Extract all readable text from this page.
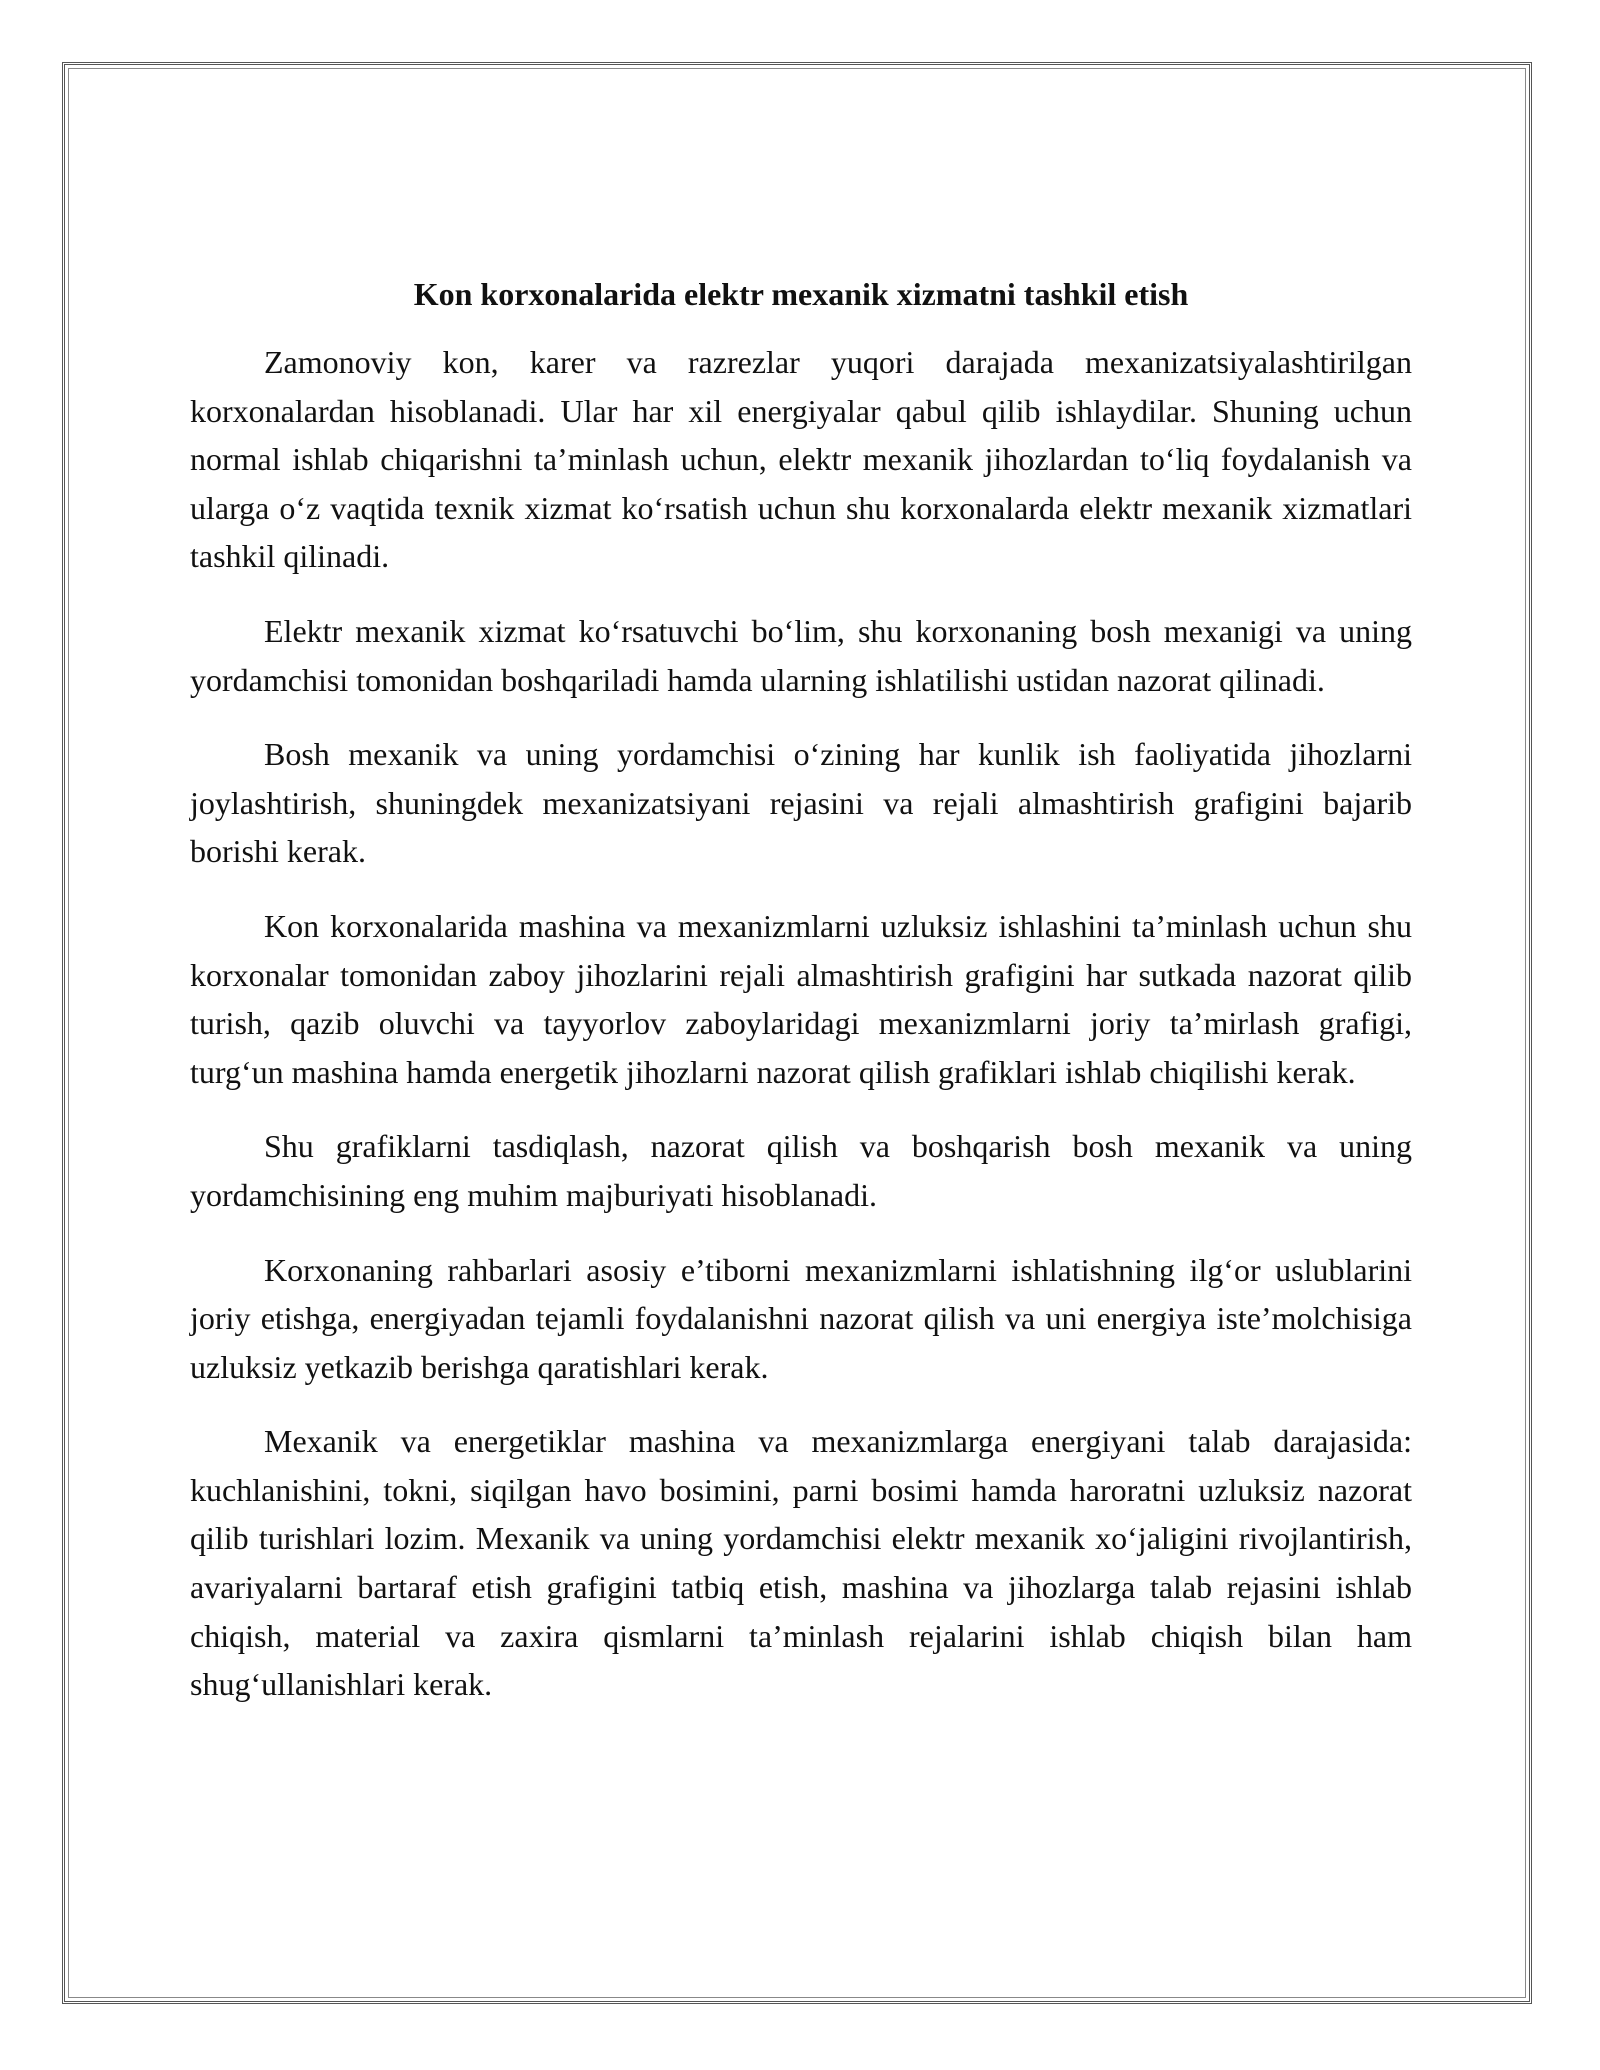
Kon korxonalarida elektr mexanik xizmatni tashkil etish

Zamonoviy kon, karer va razrezlar yuqori darajada mexanizatsiyalashtirilgan korxonalardan hisoblanadi. Ular har xil energiyalar qabul qilib ishlaydilar. Shuning uchun normal ishlab chiqarishni ta’minlash uchun, elektr mexanik jihozlardan to‘liq foydalanish va ularga o‘z vaqtida texnik xizmat ko‘rsatish uchun shu korxonalarda elektr mexanik xizmatlari tashkil qilinadi.

Elektr mexanik xizmat ko‘rsatuvchi bo‘lim, shu korxonaning bosh mexanigi va uning yordamchisi tomonidan boshqariladi hamda ularning ishlatilishi ustidan nazorat qilinadi.

Bosh mexanik va uning yordamchisi o‘zining har kunlik ish faoliyatida jihozlarni joylashtirish, shuningdek mexanizatsiyani rejasini va rejali almashtirish grafigini bajarib borishi kerak.

Kon korxonalarida mashina va mexanizmlarni uzluksiz ishlashini ta’minlash uchun shu korxonalar tomonidan zaboy jihozlarini rejali almashtirish grafigini har sutkada nazorat qilib turish, qazib oluvchi va tayyorlov zaboylaridagi mexanizmlarni joriy ta’mirlash grafigi, turg‘un mashina hamda energetik jihozlarni nazorat qilish grafiklari ishlab chiqilishi kerak.

Shu grafiklarni tasdiqlash, nazorat qilish va boshqarish bosh mexanik va uning yordamchisining eng muhim majburiyati hisoblanadi.

Korxonaning rahbarlari asosiy e’tiborni mexanizmlarni ishlatishning ilg‘or uslublarini joriy etishga, energiyadan tejamli foydalanishni nazorat qilish va uni energiya iste’molchisiga uzluksiz yetkazib berishga qaratishlari kerak.

Mexanik va energetiklar mashina va mexanizmlarga energiyani talab darajasida: kuchlanishini, tokni, siqilgan havo bosimini, parni bosimi hamda haroratni uzluksiz nazorat qilib turishlari lozim. Mexanik va uning yordamchisi elektr mexanik xo‘jaligini rivojlantirish, avariyalarni bartaraf etish grafigini tatbiq etish, mashina va jihozlarga talab rejasini ishlab chiqish, material va zaxira qismlarni ta’minlash rejalarini ishlab chiqish bilan ham shug‘ullanishlari kerak.
